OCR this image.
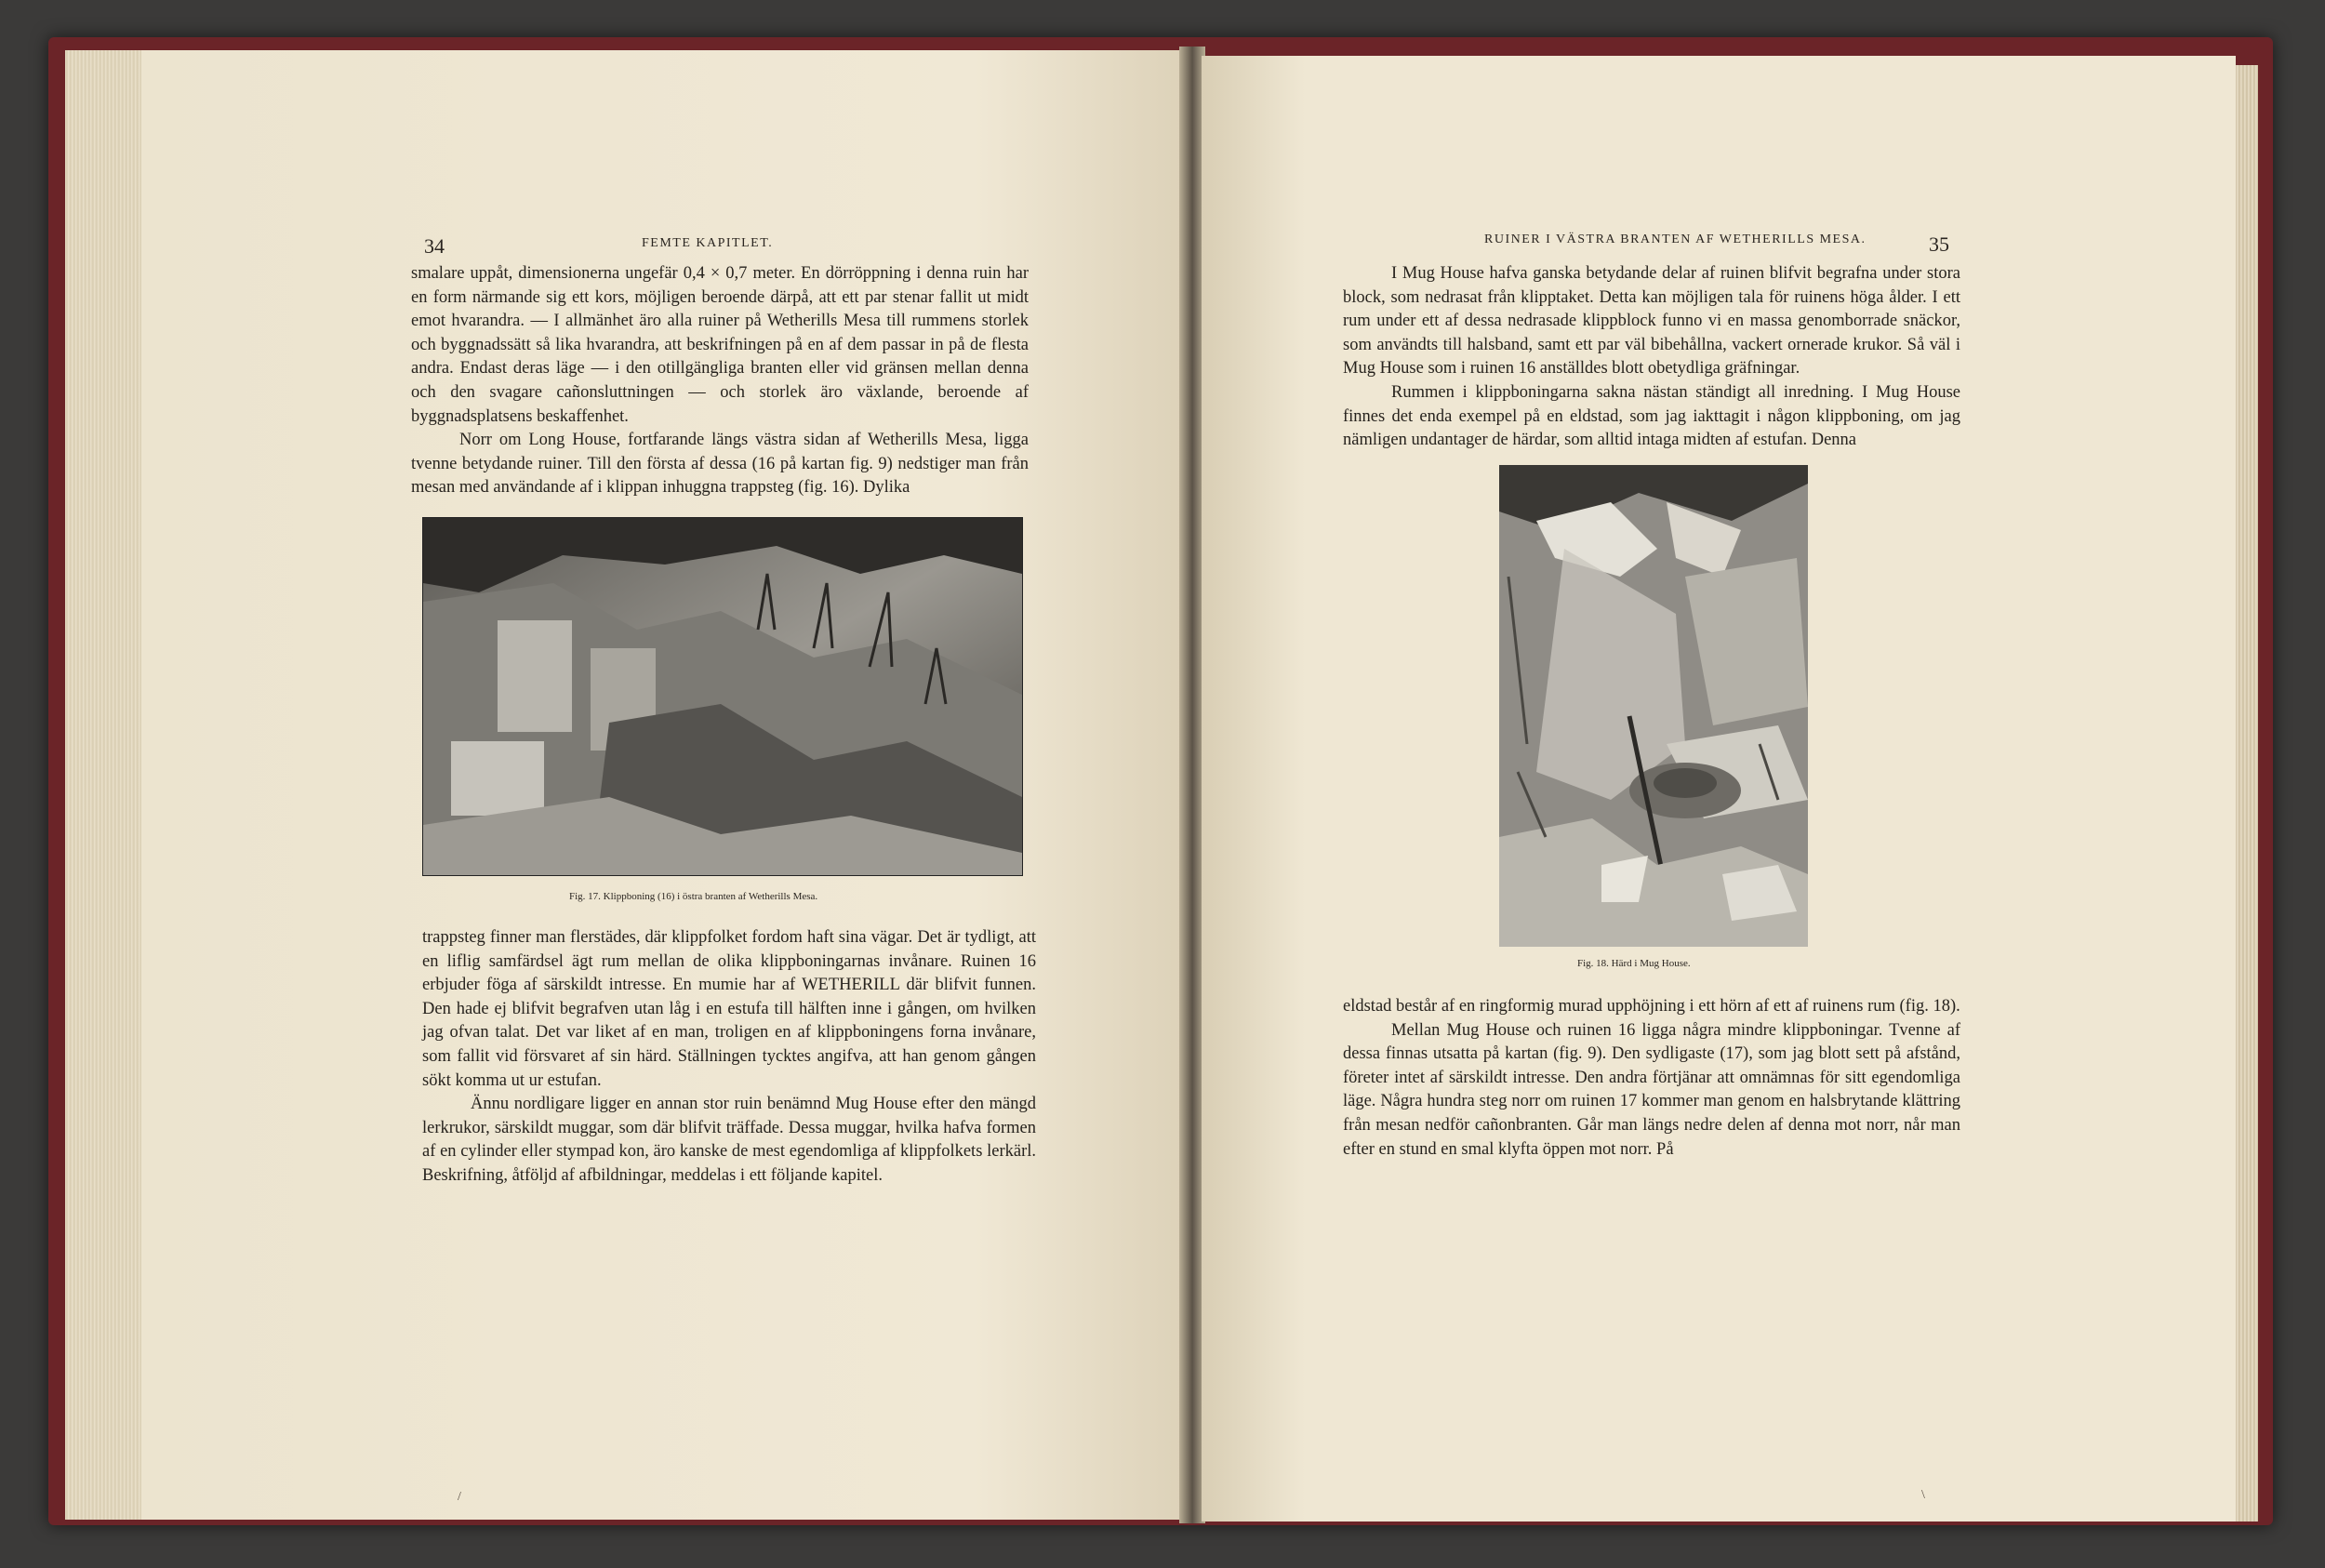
34	FEMTE KAPITLET.

smalare uppåt, dimensionerna ungefär 0,4 × 0,7 meter. En dörröppning i denna ruin har en form närmande sig ett kors, möjligen beroende därpå, att ett par stenar fallit ut midt emot hvarandra. — I allmänhet äro alla ruiner på Wetherills Mesa till rummens storlek och byggnadssätt så lika hvarandra, att beskrifningen på en af dem passar in på de flesta andra. Endast deras läge — i den otillgängliga branten eller vid gränsen mellan denna och den svagare cañonsluttningen — och storlek äro växlande, beroende af byggnadsplatsens beskaffenhet.

Norr om Long House, fortfarande längs västra sidan af Wetherills Mesa, ligga tvenne betydande ruiner. Till den första af dessa (16 på kartan fig. 9) nedstiger man från mesan med användande af i klippan inhuggna trappsteg (fig. 16). Dylika

Fig. 17. Klippboning (16) i östra branten af Wetherills Mesa.

trappsteg finner man flerstädes, där klippfolket fordom haft sina vägar. Det är tydligt, att en liflig samfärdsel ägt rum mellan de olika klippboningarnas invånare. Ruinen 16 erbjuder föga af särskildt intresse. En mumie har af WETHERILL där blifvit funnen. Den hade ej blifvit begrafven utan låg i en estufa till hälften inne i gången, om hvilken jag ofvan talat. Det var liket af en man, troligen en af klippboningens forna invånare, som fallit vid försvaret af sin härd. Ställningen tycktes angifva, att han genom gången sökt komma ut ur estufan.

Ännu nordligare ligger en annan stor ruin benämnd Mug House efter den mängd lerkrukor, särskildt muggar, som där blifvit träffade. Dessa muggar, hvilka hafva formen af en cylinder eller stympad kon, äro kanske de mest egendomliga af klippfolkets lerkärl. Beskrifning, åtföljd af afbildningar, meddelas i ett följande kapitel.

/
RUINER I VÄSTRA BRANTEN AF WETHERILLS MESA.	35

I Mug House hafva ganska betydande delar af ruinen blifvit begrafna under stora block, som nedrasat från klipptaket. Detta kan möjligen tala för ruinens höga ålder. I ett rum under ett af dessa nedrasade klippblock funno vi en massa genomborrade snäckor, som användts till halsband, samt ett par väl bibehållna, vackert ornerade krukor. Så väl i Mug House som i ruinen 16 anställdes blott obetydliga gräfningar.

Rummen i klippboningarna sakna nästan ständigt all inredning. I Mug House finnes det enda exempel på en eldstad, som jag iakttagit i någon klippboning, om jag nämligen undantager de härdar, som alltid intaga midten af estufan. Denna

Fig. 18. Härd i Mug House.

eldstad består af en ringformig murad upphöjning i ett hörn af ett af ruinens rum (fig. 18).

Mellan Mug House och ruinen 16 ligga några mindre klippboningar. Tvenne af dessa finnas utsatta på kartan (fig. 9). Den sydligaste (17), som jag blott sett på afstånd, företer intet af särskildt intresse. Den andra förtjänar att omnämnas för sitt egendomliga läge. Några hundra steg norr om ruinen 17 kommer man genom en halsbrytande klättring från mesan nedför cañonbranten. Går man längs nedre delen af denna mot norr, når man efter en stund en smal klyfta öppen mot norr. På

\
